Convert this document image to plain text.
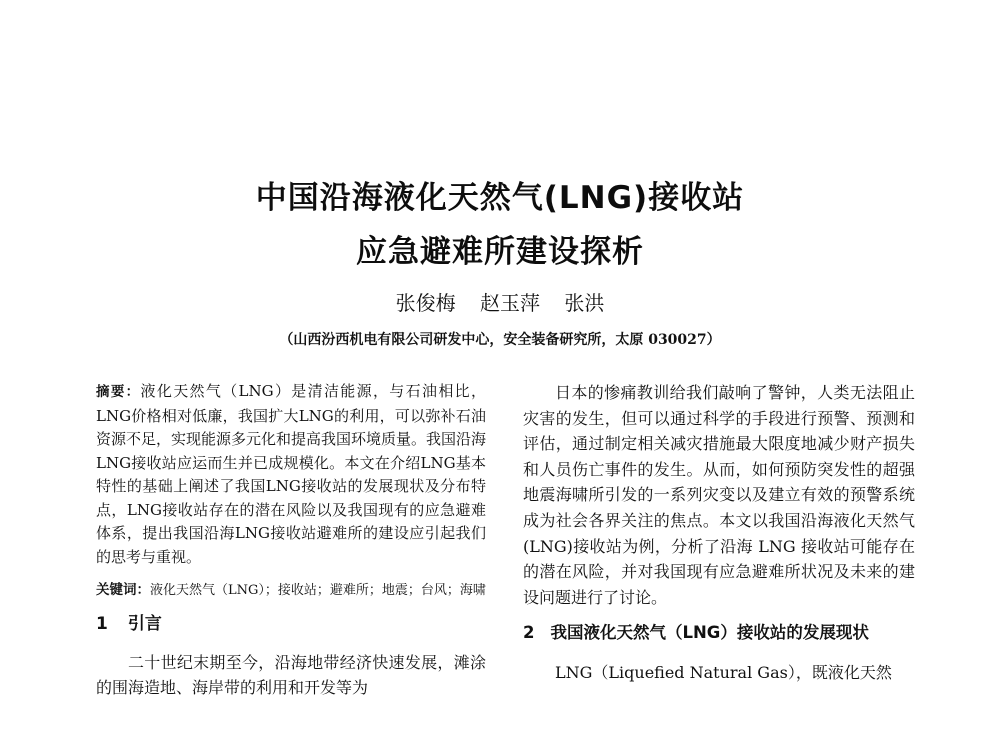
中国沿海液化天然气(LNG)接收站
应急避难所建设探析
张俊梅 赵玉萍 张洪
（山西汾西机电有限公司研发中心，安全装备研究所，太原 030027）

摘要：液化天然气（LNG）是清洁能源，与石油相比，LNG价格相对低廉，我国扩大LNG的利用，可以弥补石油资源不足，实现能源多元化和提高我国环境质量。我国沿海LNG接收站应运而生并已成规模化。本文在介绍LNG基本特性的基础上阐述了我国LNG接收站的发展现状及分布特点，LNG接收站存在的潜在风险以及我国现有的应急避难体系，提出我国沿海LNG接收站避难所的建设应引起我们的思考与重视。

关键词：液化天然气（LNG）；接收站；避难所；地震；台风；海啸

1 引言

二十世纪末期至今，沿海地带经济快速发展，滩涂的围海造地、海岸带的利用和开发等为

日本的惨痛教训给我们敲响了警钟，人类无法阻止灾害的发生，但可以通过科学的手段进行预警、预测和评估，通过制定相关减灾措施最大限度地减少财产损失和人员伤亡事件的发生。从而，如何预防突发性的超强地震海啸所引发的一系列灾变以及建立有效的预警系统成为社会各界关注的焦点。本文以我国沿海液化天然气(LNG)接收站为例，分析了沿海 LNG 接收站可能存在的潜在风险，并对我国现有应急避难所状况及未来的建设问题进行了讨论。

2 我国液化天然气（LNG）接收站的发展现状

LNG（Liquefied Natural Gas），既液化天然
